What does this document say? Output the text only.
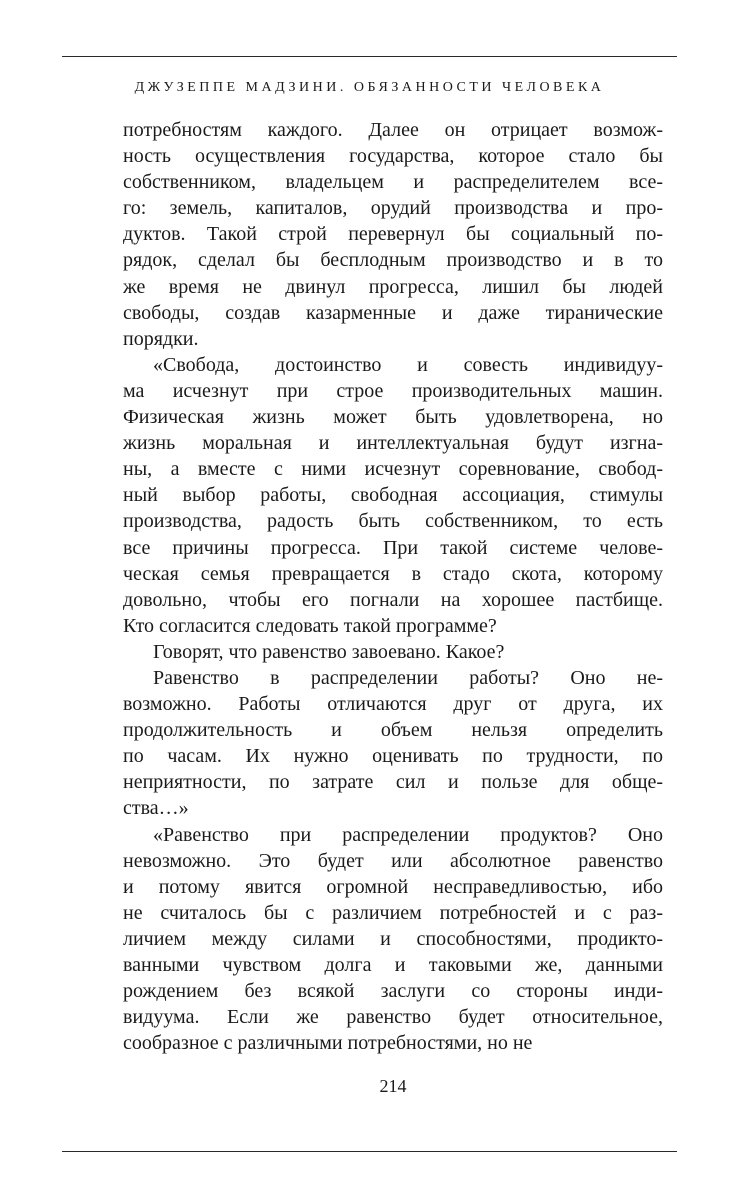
ДЖУЗЕППЕ МАДЗИНИ. ОБЯЗАННОСТИ ЧЕЛОВЕКА
потребностям каждого. Далее он отрицает возмож-
ность осуществления государства, которое стало бы
собственником, владельцем и распределителем все-
го: земель, капиталов, орудий производства и про-
дуктов. Такой строй перевернул бы социальный по-
рядок, сделал бы бесплодным производство и в то
же время не двинул прогресса, лишил бы людей
свободы, создав казарменные и даже тиранические
порядки.
«Свобода, достоинство и совесть индивидуу-
ма исчезнут при строе производительных машин.
Физическая жизнь может быть удовлетворена, но
жизнь моральная и интеллектуальная будут изгна-
ны, а вместе с ними исчезнут соревнование, свобод-
ный выбор работы, свободная ассоциация, стимулы
производства, радость быть собственником, то есть
все причины прогресса. При такой системе челове-
ческая семья превращается в стадо скота, которому
довольно, чтобы его погнали на хорошее пастбище.
Кто согласится следовать такой программе?
Говорят, что равенство завоевано. Какое?
Равенство в распределении работы? Оно не-
возможно. Работы отличаются друг от друга, их
продолжительность и объем нельзя определить
по часам. Их нужно оценивать по трудности, по
неприятности, по затрате сил и пользе для обще-
ства…»
«Равенство при распределении продуктов? Оно
невозможно. Это будет или абсолютное равенство
и потому явится огромной несправедливостью, ибо
не считалось бы с различием потребностей и с раз-
личием между силами и способностями, продикто-
ванными чувством долга и таковыми же, данными
рождением без всякой заслуги со стороны инди-
видуума. Если же равенство будет относительное,
сообразное с различными потребностями, но не
214
